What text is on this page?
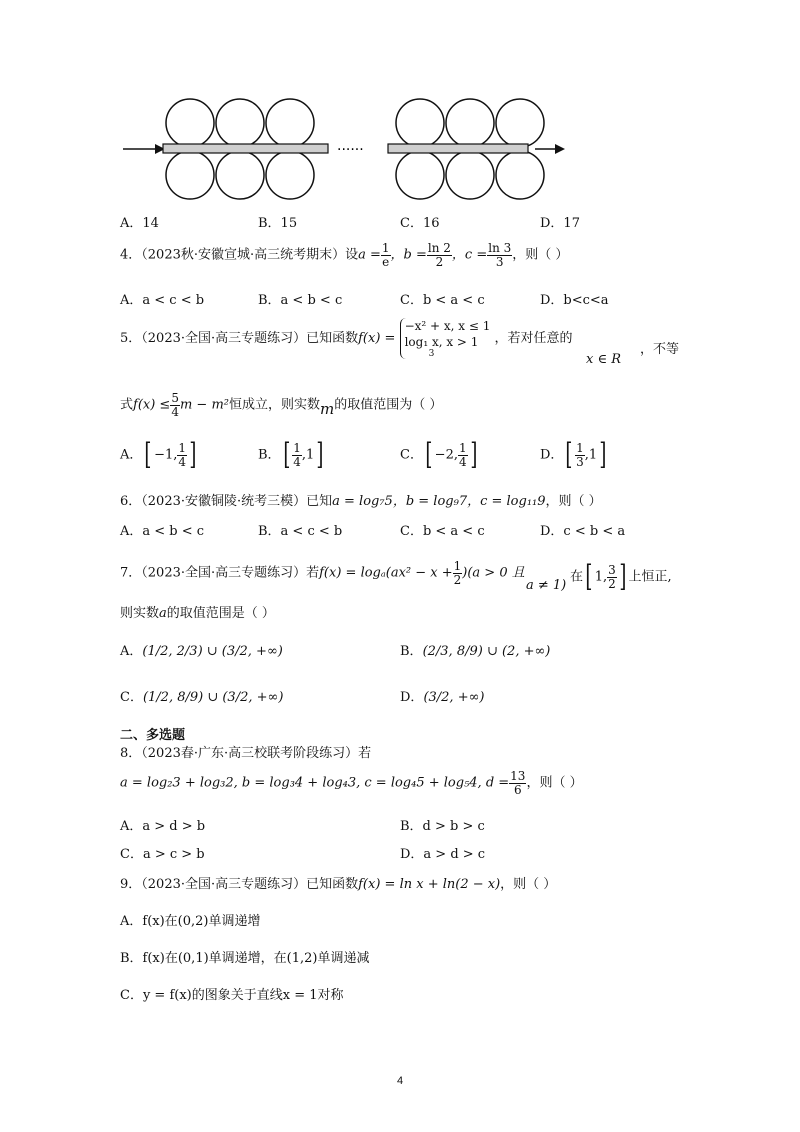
······
A．14	B．15	C．16	D．17
4．（2023秋·安徽宣城·高三统考期末）设$a = \frac{1}{e}$ ，$b = \frac{\ln 2}{2}$ ，$c = \frac{\ln 3}{3}$ ，则（ ）
A．a < c < b	B．a < b < c	C．b < a < c	D．b<c<a
5．（2023·全国·高三专题练习）已知函数f(x) =
−x² + x, x ≤ 1
log₁ x, x > 1
3
，若对任意的
x ∈ R
，不等
式$f(x) \le \frac{5}{4}$ m − m²恒成立，则实数m的取值范围为（ ）
A．[ −1, $\frac{1}{4}$ ]	B．[ $\frac{1}{4} ,1$]	C．[ −2, $\frac{1}{4}$ ]	D．[ $\frac{1}{3} ,1$]
6．（2023·安徽铜陵·统考三模）已知a = log₇5，b = log₉7，c = log₁₁9，则（ ）
A．a < b < c	B．a < c < b	C．b < a < c	D．c < b < a
7．（2023·全国·高三专题练习）若$f(x) = \log_a(ax^2 - x + \frac{1}{2} )(a > 0$ 且
a ≠ 1)
在[ 1, $\frac{3}{2}$ ] 上恒正,
则实数a的取值范围是（ ）
A．(1/2, 2/3) ∪ (3/2, +∞)	B．(2/3, 8/9) ∪ (2, +∞)
C．(1/2, 8/9) ∪ (3/2, +∞)	D．(3/2, +∞)
二、多选题
8．（2023春·广东·高三校联考阶段练习）若
a = log₂3 + log₃2, b = log₃4 + log₄3, c = log₄5 + log₅4, $d = \frac{13}{6}$ ，则（ ）
A．a > d > b	B．d > b > c
C．a > c > b	D．a > d > c
9．（2023·全国·高三专题练习）已知函数f(x) = ln x + ln(2 − x)，则（ ）
A．f(x)在(0,2)单调递增
B．f(x)在(0,1)单调递增，在(1,2)单调递减
C．y = f(x)的图象关于直线x = 1对称
4
